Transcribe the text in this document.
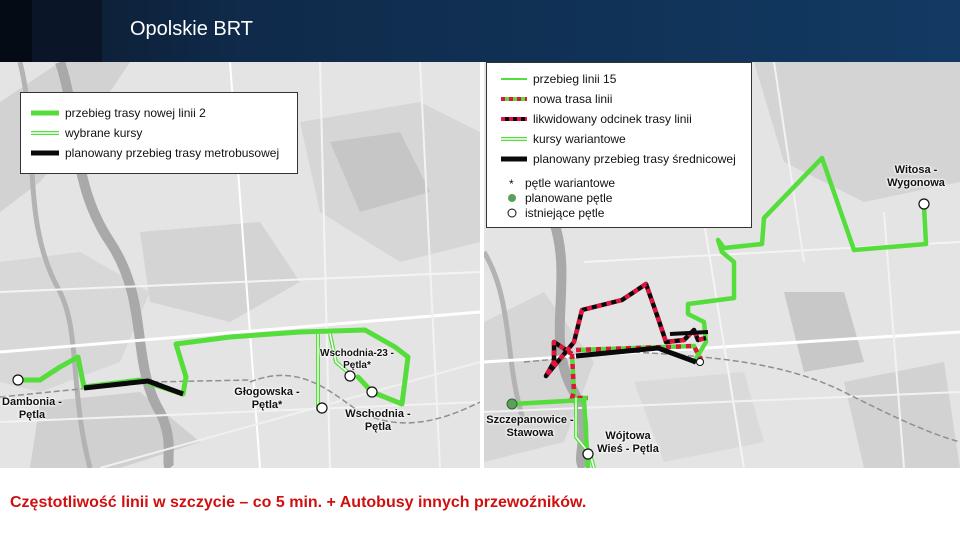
Opolskie BRT
przebieg trasy nowej linii 2
wybrane kursy
planowany przebieg trasy metrobusowej
Dambonia -
Pętla
Głogowska -
Pętla*
Wschodnia-23 -
Pętla*
Wschodnia -
Pętla
przebieg linii 15
nowa trasa linii
likwidowany odcinek trasy linii
kursy wariantowe
planowany przebieg trasy średnicowej
* pętle wariantowe
planowane pętle
istniejące pętle
Witosa -
Wygonowa
Szczepanowice -
Stawowa	Wójtowa
Wieś - Pętla
Częstotliwość linii w szczycie – co 5 min. + Autobusy innych przewoźników.
